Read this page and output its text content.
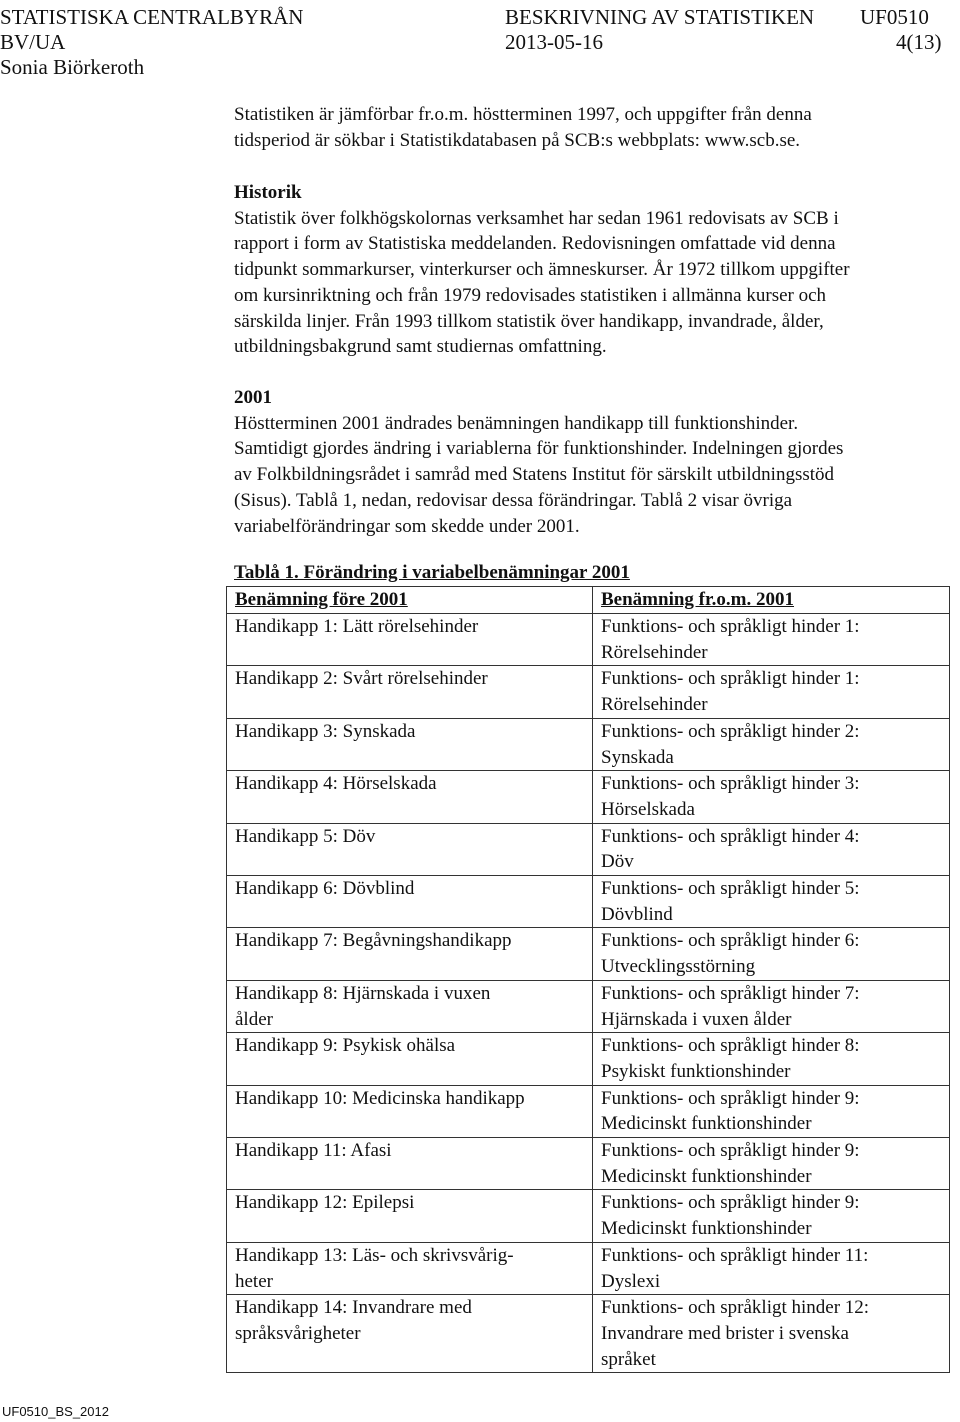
STATISTISKA CENTRALBYRÅN	BESKRIVNING AV STATISTIKEN UF0510
BV/UA	2013-05-16	4(13)
Sonia Biörkeroth
Statistiken är jämförbar fr.o.m. höstterminen 1997, och uppgifter från denna
tidsperiod är sökbar i Statistikdatabasen på SCB:s webbplats: www.scb.se.
Historik
Statistik över folkhögskolornas verksamhet har sedan 1961 redovisats av SCB i
rapport i form av Statistiska meddelanden. Redovisningen omfattade vid denna
tidpunkt sommarkurser, vinterkurser och ämneskurser. År 1972 tillkom uppgifter
om kursinriktning och från 1979 redovisades statistiken i allmänna kurser och
särskilda linjer. Från 1993 tillkom statistik över handikapp, invandrade, ålder,
utbildningsbakgrund samt studiernas omfattning.
2001
Höstterminen 2001 ändrades benämningen handikapp till funktionshinder.
Samtidigt gjordes ändring i variablerna för funktionshinder. Indelningen gjordes
av Folkbildningsrådet i samråd med Statens Institut för särskilt utbildningsstöd
(Sisus). Tablå 1, nedan, redovisar dessa förändringar. Tablå 2 visar övriga
variabelförändringar som skedde under 2001.
Tablå 1. Förändring i variabelbenämningar 2001
Benämning före 2001	Benämning fr.o.m. 2001

Handikapp 1: Lätt rörelsehinder	Funktions- och språkligt hinder 1:
Rörelsehinder

Handikapp 2: Svårt rörelsehinder	Funktions- och språkligt hinder 1:
Rörelsehinder

Handikapp 3: Synskada	Funktions- och språkligt hinder 2:
Synskada

Handikapp 4: Hörselskada	Funktions- och språkligt hinder 3:
Hörselskada

Handikapp 5: Döv	Funktions- och språkligt hinder 4:
Döv

Handikapp 6: Dövblind	Funktions- och språkligt hinder 5:
Dövblind

Handikapp 7: Begåvningshandikapp	Funktions- och språkligt hinder 6:
Utvecklingsstörning

Handikapp 8: Hjärnskada i vuxen
ålder	Funktions- och språkligt hinder 7:
Hjärnskada i vuxen ålder

Handikapp 9: Psykisk ohälsa	Funktions- och språkligt hinder 8:
Psykiskt funktionshinder

Handikapp 10: Medicinska handikapp	Funktions- och språkligt hinder 9:
Medicinskt funktionshinder

Handikapp 11: Afasi	Funktions- och språkligt hinder 9:
Medicinskt funktionshinder

Handikapp 12: Epilepsi	Funktions- och språkligt hinder 9:
Medicinskt funktionshinder

Handikapp 13: Läs- och skrivsvårig-
heter	Funktions- och språkligt hinder 11:
Dyslexi

Handikapp 14: Invandrare med
språksvårigheter	Funktions- och språkligt hinder 12:
Invandrare med brister i svenska
språket
UF0510_BS_2012
